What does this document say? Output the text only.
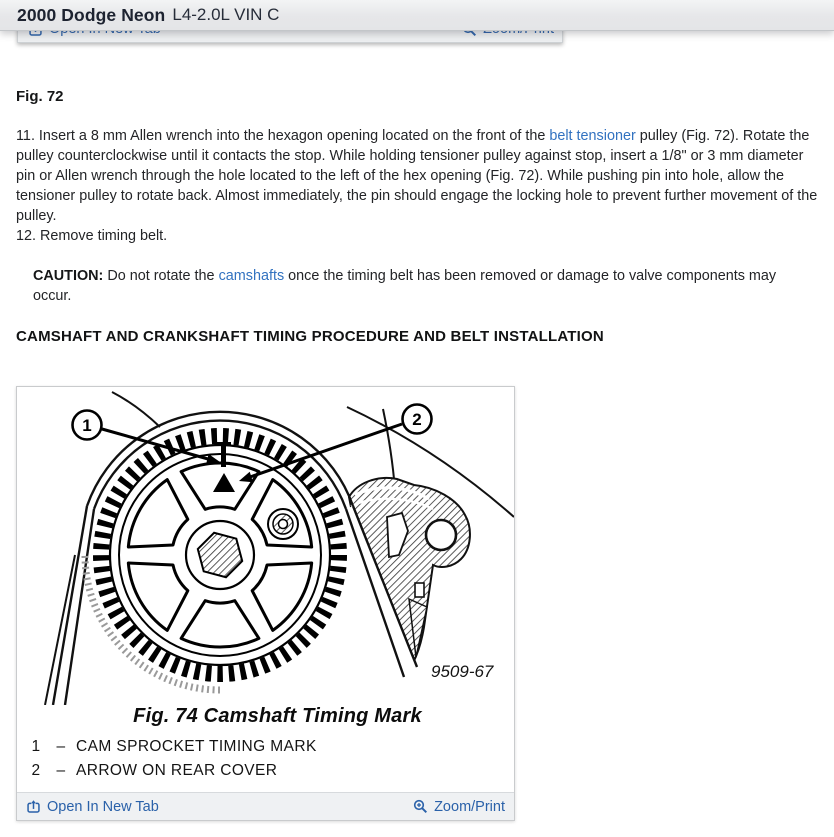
2000 Dodge Neon L4-2.0L VIN C
Fig. 72

11. Insert a 8 mm Allen wrench into the hexagon opening located on the front of the belt tensioner pulley (Fig. 72). Rotate the pulley counterclockwise until it contacts the stop. While holding tensioner pulley against stop, insert a 1/8" or 3 mm diameter pin or Allen wrench through the hole located to the left of the hex opening (Fig. 72). While pushing pin into hole, allow the tensioner pulley to rotate back. Almost immediately, the pin should engage the locking hole to prevent further movement of the pulley.
12. Remove timing belt.

CAUTION: Do not rotate the camshafts once the timing belt has been removed or damage to valve components may occur.

CAMSHAFT AND CRANKSHAFT TIMING PROCEDURE AND BELT INSTALLATION
1	2
9509-67
Fig. 74 Camshaft Timing Mark
1	– CAM SPROCKET TIMING MARK
2	– ARROW ON REAR COVER
Open In New Tab	Zoom/Print
